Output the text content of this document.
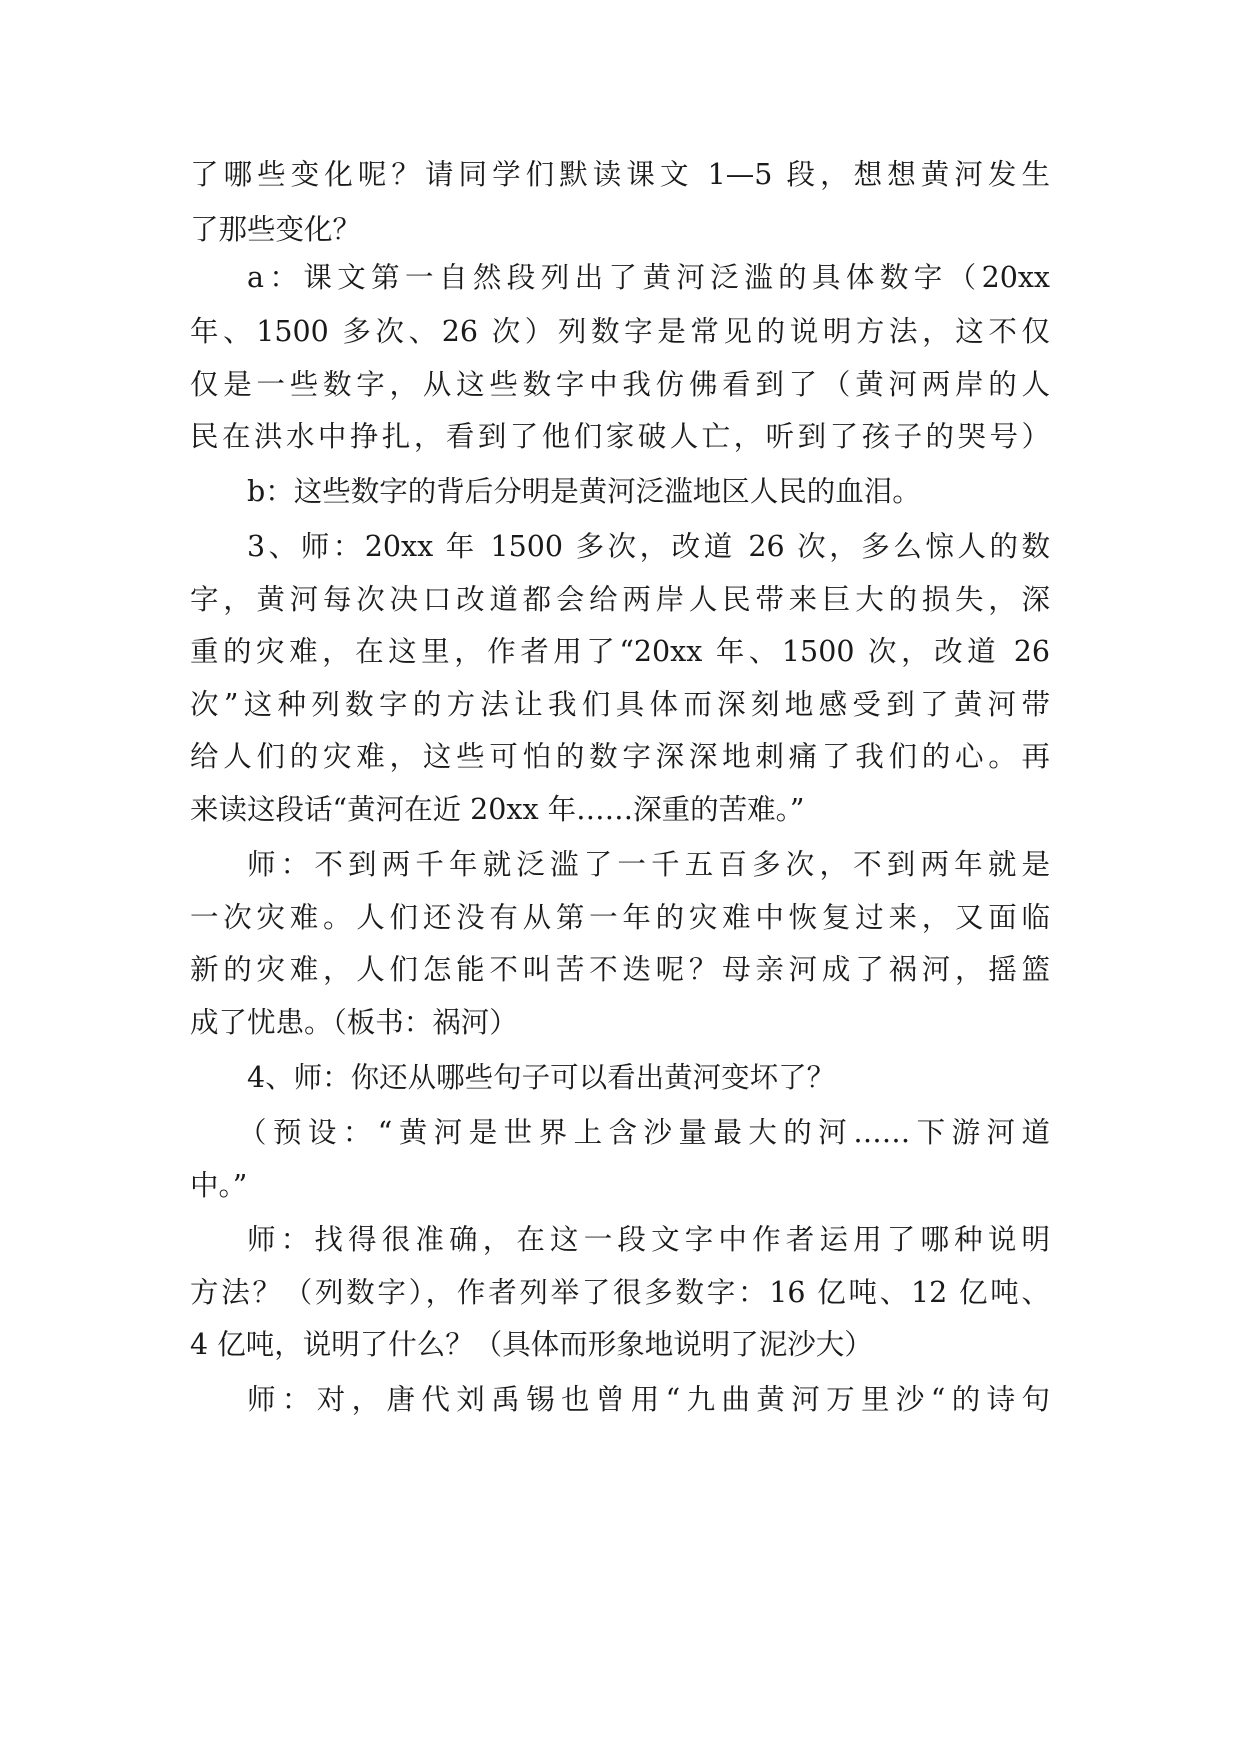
了哪些变化呢？请同学们默读课文 1—5 段，想想黄河发生
了那些变化？
a：课文第一自然段列出了黄河泛滥的具体数字（20xx
年、1500 多次、26 次）列数字是常见的说明方法，这不仅
仅是一些数字，从这些数字中我仿佛看到了（黄河两岸的人
民在洪水中挣扎，看到了他们家破人亡，听到了孩子的哭号）
b：这些数字的背后分明是黄河泛滥地区人民的血泪。
3、师：20xx 年 1500 多次，改道 26 次，多么惊人的数
字，黄河每次决口改道都会给两岸人民带来巨大的损失，深
重的灾难，在这里，作者用了“20xx 年、1500 次，改道 26
次”这种列数字的方法让我们具体而深刻地感受到了黄河带
给人们的灾难，这些可怕的数字深深地刺痛了我们的心。再
来读这段话“黄河在近 20xx 年……深重的苦难。”
师：不到两千年就泛滥了一千五百多次，不到两年就是
一次灾难。人们还没有从第一年的灾难中恢复过来，又面临
新的灾难，人们怎能不叫苦不迭呢？母亲河成了祸河，摇篮
成了忧患。（板书：祸河）
4、师：你还从哪些句子可以看出黄河变坏了？
（预设：“黄河是世界上含沙量最大的河……下游河道
中。”
师：找得很准确，在这一段文字中作者运用了哪种说明
方法？（列数字），作者列举了很多数字：16 亿吨、12 亿吨、
4 亿吨，说明了什么？（具体而形象地说明了泥沙大）
师：对，唐代刘禹锡也曾用“九曲黄河万里沙“的诗句
